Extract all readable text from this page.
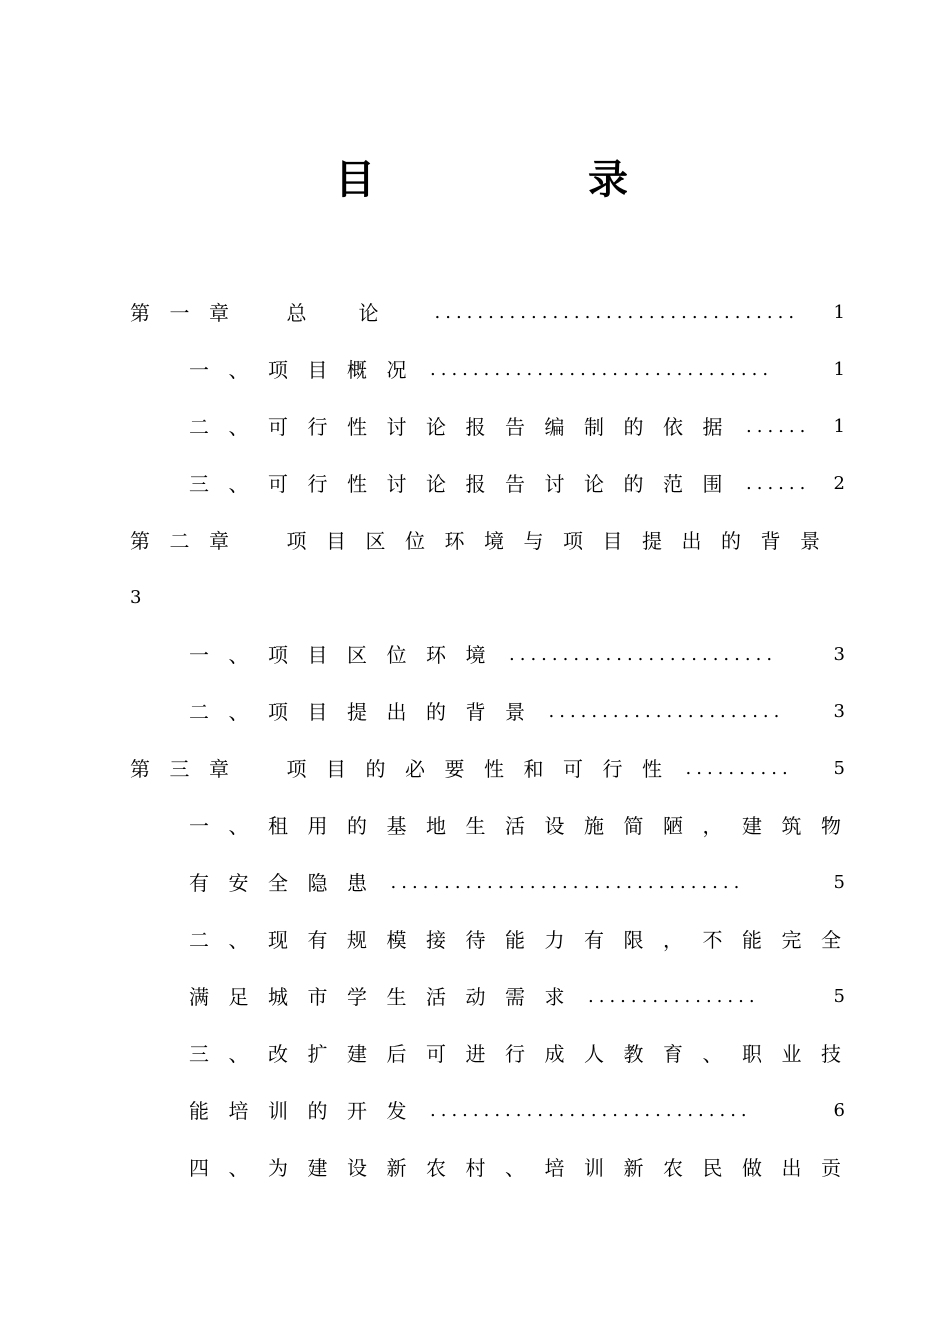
目	录
第一章 总论 ..................................	1
一、项目概况 ................................	1
二、可行性讨论报告编制的依据 ...... 1
三、可行性讨论报告讨论的范围 ...... 2
第二章 项目区位环境与项目提出的背景
3
一、项目区位环境 .........................	3
二、项目提出的背景 ......................	3
第三章 项目的必要性和可行性 ..........	5
一、租用的基地生活设施简陋，建筑物
有安全隐患 .................................	5
二、现有规模接待能力有限，不能完全
满足城市学生活动需求 ................	5
三、改扩建后可进行成人教育、职业技
能培训的开发 ..............................	6
四、为建设新农村、培训新农民做出贡
